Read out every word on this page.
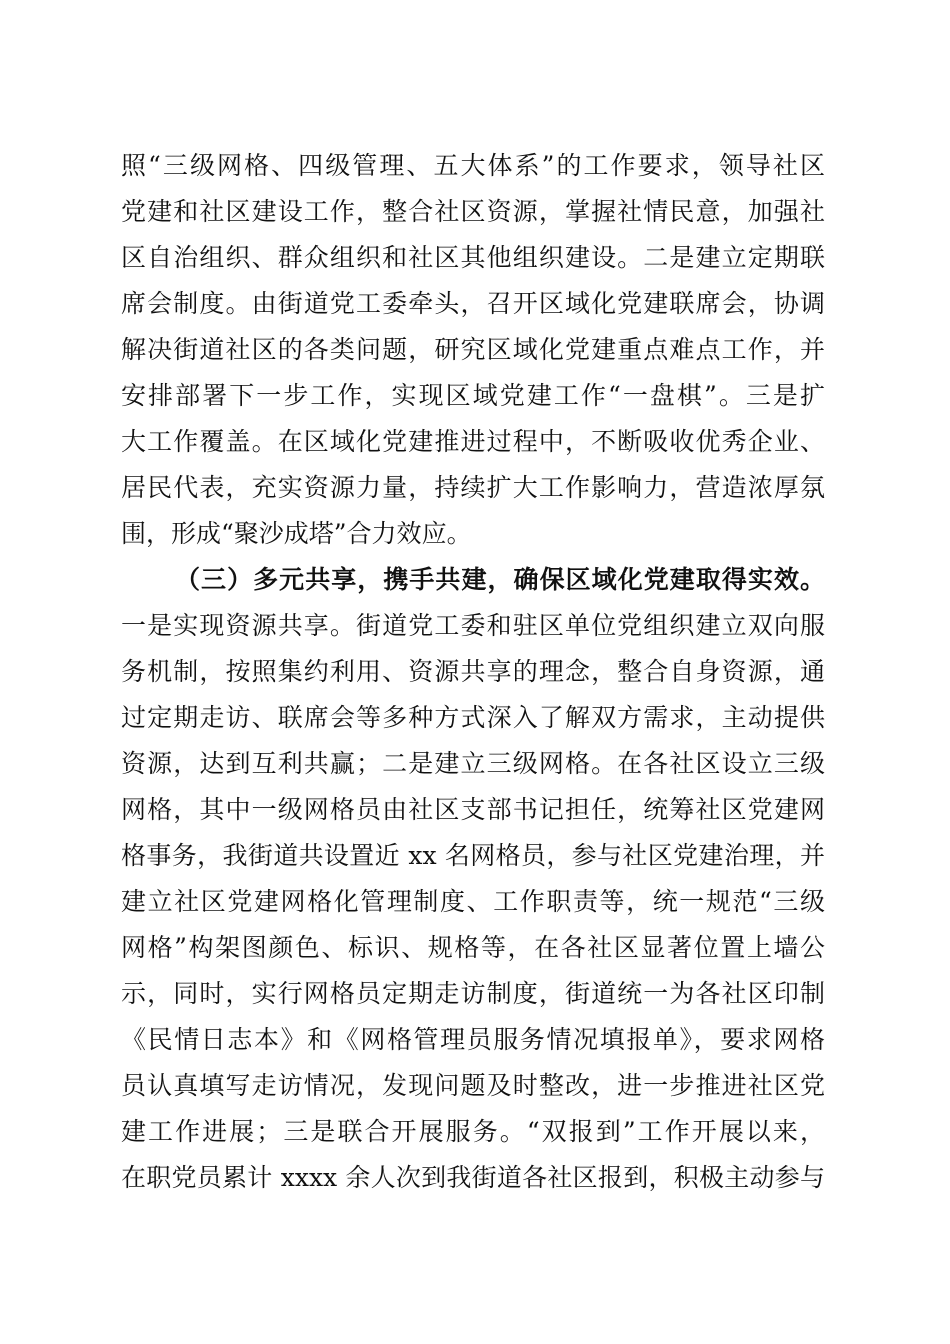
照“三级网格、四级管理、五大体系”的工作要求，领导社区
党建和社区建设工作，整合社区资源，掌握社情民意，加强社
区自治组织、群众组织和社区其他组织建设。二是建立定期联
席会制度。由街道党工委牵头，召开区域化党建联席会，协调
解决街道社区的各类问题，研究区域化党建重点难点工作，并
安排部署下一步工作，实现区域党建工作“一盘棋”。三是扩
大工作覆盖。在区域化党建推进过程中，不断吸收优秀企业、
居民代表，充实资源力量，持续扩大工作影响力，营造浓厚氛
围，形成“聚沙成塔”合力效应。
（三）多元共享，携手共建，确保区域化党建取得实效。
一是实现资源共享。街道党工委和驻区单位党组织建立双向服
务机制，按照集约利用、资源共享的理念，整合自身资源，通
过定期走访、联席会等多种方式深入了解双方需求，主动提供
资源，达到互利共赢；二是建立三级网格。在各社区设立三级
网格，其中一级网格员由社区支部书记担任，统筹社区党建网
格事务，我街道共设置近 xx 名网格员，参与社区党建治理，并
建立社区党建网格化管理制度、工作职责等，统一规范“三级
网格”构架图颜色、标识、规格等，在各社区显著位置上墙公
示，同时，实行网格员定期走访制度，街道统一为各社区印制
《民情日志本》和《网格管理员服务情况填报单》，要求网格
员认真填写走访情况，发现问题及时整改，进一步推进社区党
建工作进展；三是联合开展服务。“双报到”工作开展以来，
在职党员累计 xxxx 余人次到我街道各社区报到，积极主动参与
